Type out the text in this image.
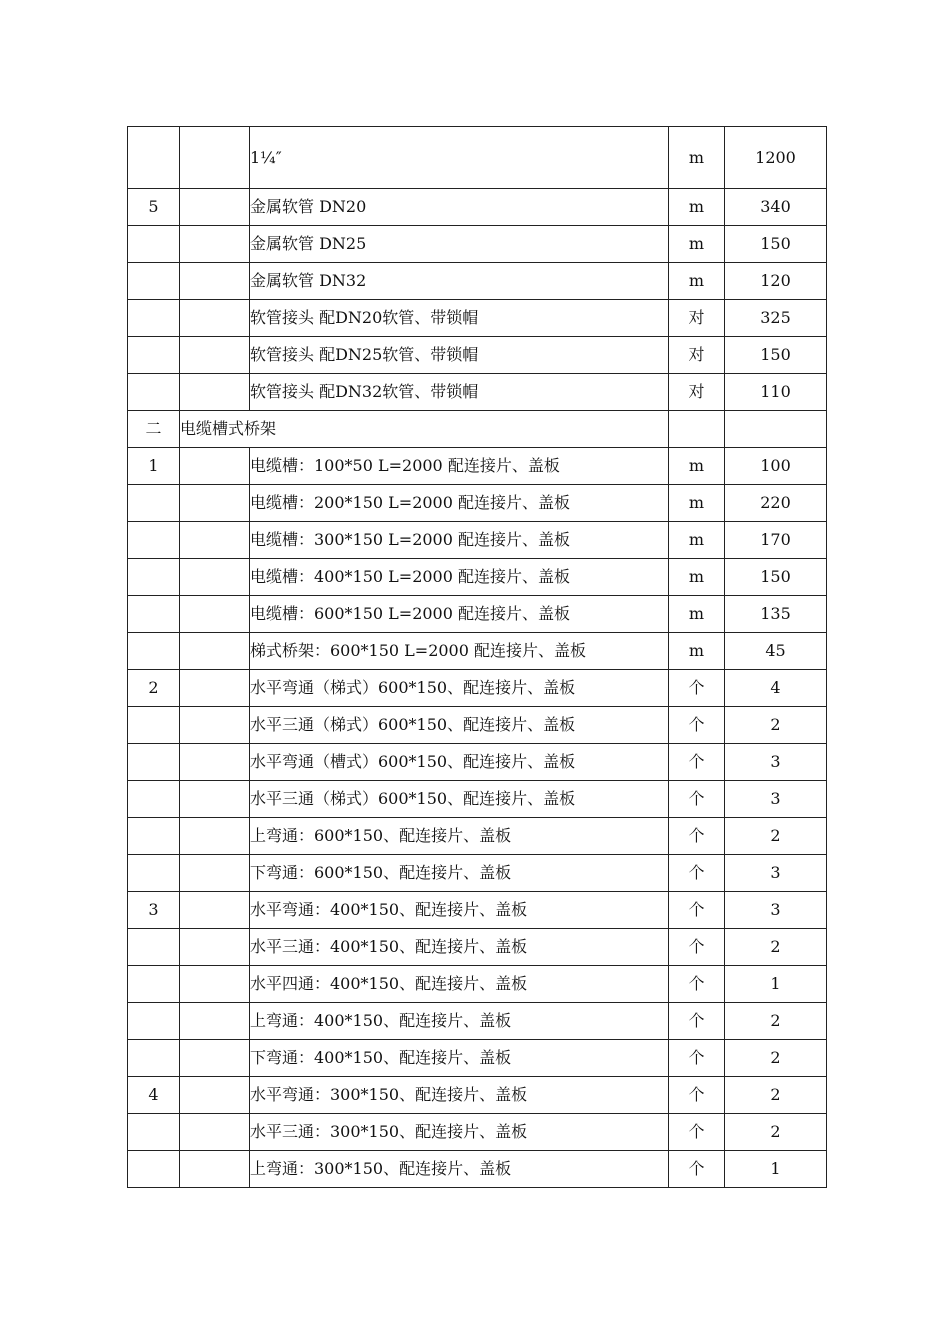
		1¼″	m	1200
5		金属软管 DN20	m	340
		金属软管 DN25	m	150
		金属软管 DN32	m	120
		软管接头 配DN20软管、带锁帽	对	325
		软管接头 配DN25软管、带锁帽	对	150
		软管接头 配DN32软管、带锁帽	对	110
二	电缆槽式桥架			
1		电缆槽：100*50 L=2000 配连接片、盖板	m	100
		电缆槽：200*150 L=2000 配连接片、盖板	m	220
		电缆槽：300*150 L=2000 配连接片、盖板	m	170
		电缆槽：400*150 L=2000 配连接片、盖板	m	150
		电缆槽：600*150 L=2000 配连接片、盖板	m	135
		梯式桥架：600*150 L=2000 配连接片、盖板	m	45
2		水平弯通（梯式）600*150、配连接片、盖板	个	4
		水平三通（梯式）600*150、配连接片、盖板	个	2
		水平弯通（槽式）600*150、配连接片、盖板	个	3
		水平三通（梯式）600*150、配连接片、盖板	个	3
		上弯通：600*150、配连接片、盖板	个	2
		下弯通：600*150、配连接片、盖板	个	3
3		水平弯通：400*150、配连接片、盖板	个	3
		水平三通：400*150、配连接片、盖板	个	2
		水平四通：400*150、配连接片、盖板	个	1
		上弯通：400*150、配连接片、盖板	个	2
		下弯通：400*150、配连接片、盖板	个	2
4		水平弯通：300*150、配连接片、盖板	个	2
		水平三通：300*150、配连接片、盖板	个	2
		上弯通：300*150、配连接片、盖板	个	1
